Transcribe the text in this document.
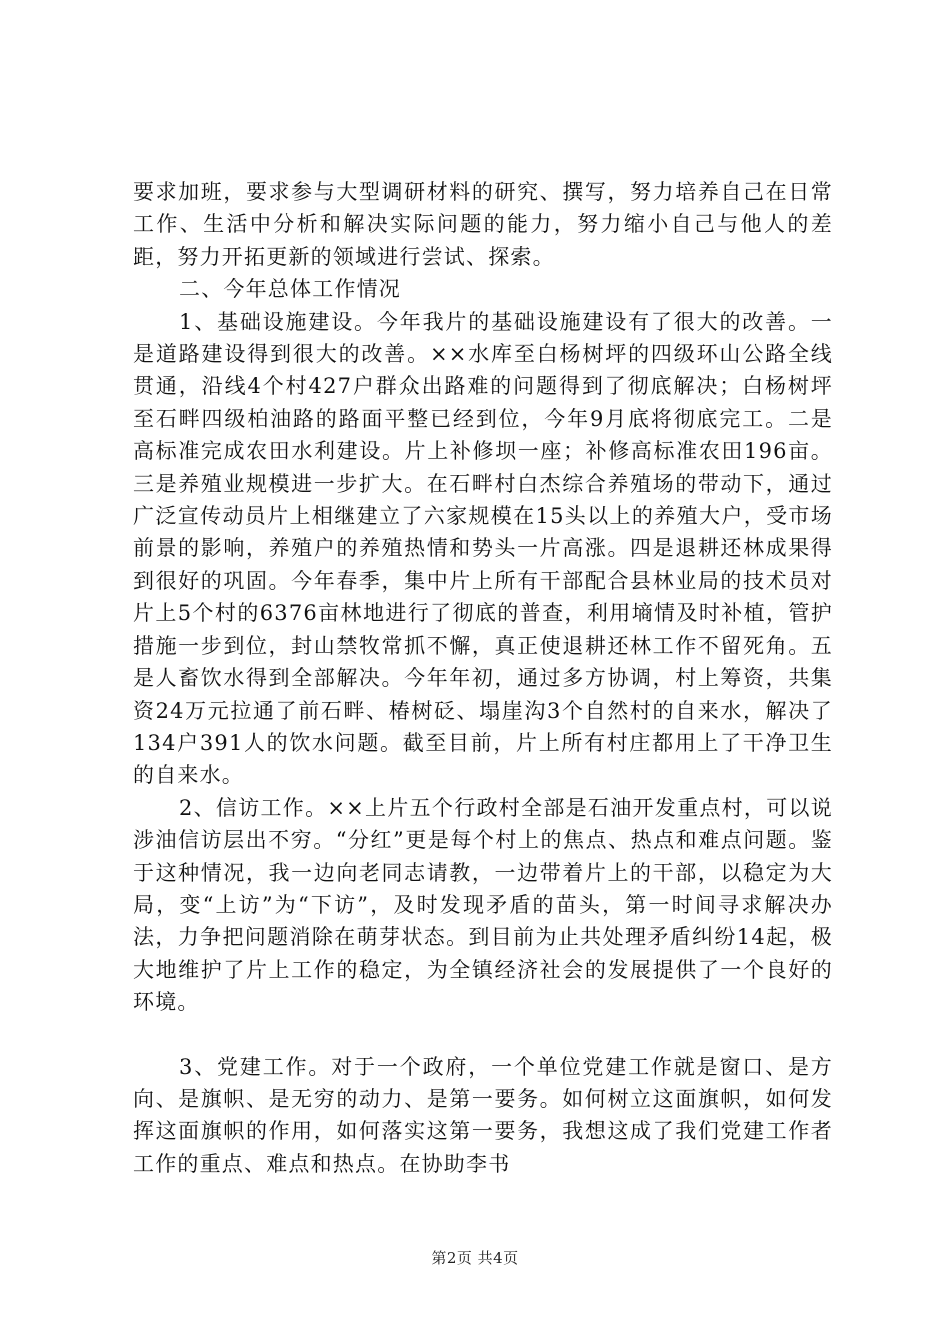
要求加班，要求参与大型调研材料的研究、撰写，努力培养自己在日常工作、生活中分析和解决实际问题的能力，努力缩小自己与他人的差距，努力开拓更新的领域进行尝试、探索。

二、今年总体工作情况

1、基础设施建设。今年我片的基础设施建设有了很大的改善。一是道路建设得到很大的改善。××水库至白杨树坪的四级环山公路全线贯通，沿线4个村427户群众出路难的问题得到了彻底解决；白杨树坪至石畔四级柏油路的路面平整已经到位，今年9月底将彻底完工。二是高标准完成农田水利建设。片上补修坝一座；补修高标准农田196亩。三是养殖业规模进一步扩大。在石畔村白杰综合养殖场的带动下，通过广泛宣传动员片上相继建立了六家规模在15头以上的养殖大户，受市场前景的影响，养殖户的养殖热情和势头一片高涨。四是退耕还林成果得到很好的巩固。今年春季，集中片上所有干部配合县林业局的技术员对片上5个村的6376亩林地进行了彻底的普查，利用墒情及时补植，管护措施一步到位，封山禁牧常抓不懈，真正使退耕还林工作不留死角。五是人畜饮水得到全部解决。今年年初，通过多方协调，村上筹资，共集资24万元拉通了前石畔、椿树砭、塌崖沟3个自然村的自来水，解决了134户391人的饮水问题。截至目前，片上所有村庄都用上了干净卫生的自来水。

2、信访工作。××上片五个行政村全部是石油开发重点村，可以说涉油信访层出不穷。“分红”更是每个村上的焦点、热点和难点问题。鉴于这种情况，我一边向老同志请教，一边带着片上的干部，以稳定为大局，变“上访”为“下访”，及时发现矛盾的苗头，第一时间寻求解决办法，力争把问题消除在萌芽状态。到目前为止共处理矛盾纠纷14起，极大地维护了片上工作的稳定，为全镇经济社会的发展提供了一个良好的环境。

3、党建工作。对于一个政府，一个单位党建工作就是窗口、是方向、是旗帜、是无穷的动力、是第一要务。如何树立这面旗帜，如何发挥这面旗帜的作用，如何落实这第一要务，我想这成了我们党建工作者工作的重点、难点和热点。在协助李书

第2页 共4页
